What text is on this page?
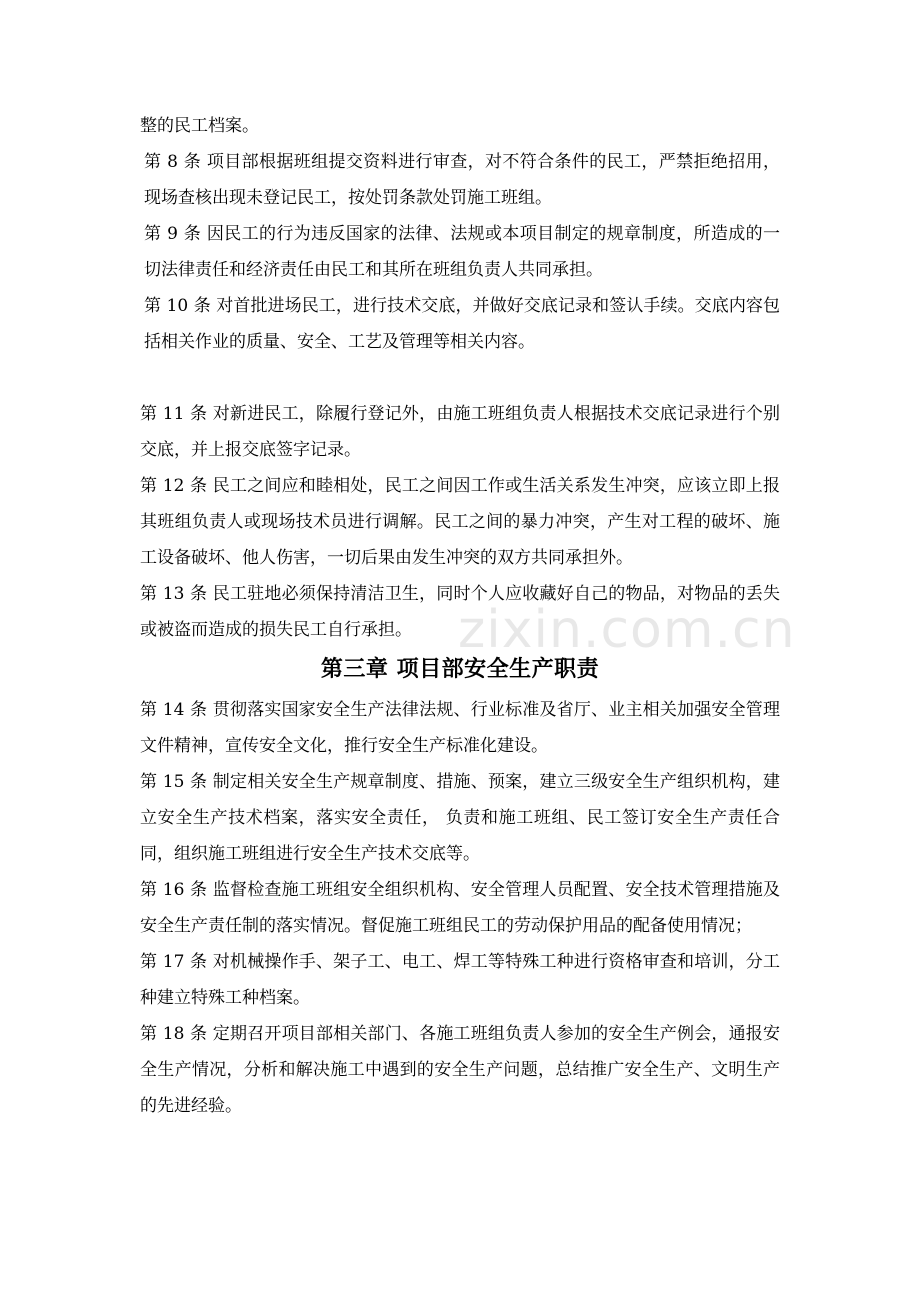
整的民工档案。

第 8 条 项目部根据班组提交资料进行审查，对不符合条件的民工，严禁拒绝招用，现场查核出现未登记民工，按处罚条款处罚施工班组。

第 9 条 因民工的行为违反国家的法律、法规或本项目制定的规章制度，所造成的一切法律责任和经济责任由民工和其所在班组负责人共同承担。

第 10 条 对首批进场民工，进行技术交底，并做好交底记录和签认手续。交底内容包括相关作业的质量、安全、工艺及管理等相关内容。

第 11 条 对新进民工，除履行登记外，由施工班组负责人根据技术交底记录进行个别交底，并上报交底签字记录。

第 12 条 民工之间应和睦相处，民工之间因工作或生活关系发生冲突，应该立即上报其班组负责人或现场技术员进行调解。民工之间的暴力冲突，产生对工程的破坏、施工设备破坏、他人伤害，一切后果由发生冲突的双方共同承担外。

第 13 条 民工驻地必须保持清洁卫生，同时个人应收藏好自己的物品，对物品的丢失或被盗而造成的损失民工自行承担。

第三章 项目部安全生产职责

第 14 条 贯彻落实国家安全生产法律法规、行业标准及省厅、业主相关加强安全管理文件精神，宣传安全文化，推行安全生产标准化建设。

第 15 条 制定相关安全生产规章制度、措施、预案，建立三级安全生产组织机构，建立安全生产技术档案，落实安全责任， 负责和施工班组、民工签订安全生产责任合同，组织施工班组进行安全生产技术交底等。

第 16 条 监督检查施工班组安全组织机构、安全管理人员配置、安全技术管理措施及安全生产责任制的落实情况。督促施工班组民工的劳动保护用品的配备使用情况；

第 17 条 对机械操作手、架子工、电工、焊工等特殊工种进行资格审查和培训，分工种建立特殊工种档案。

第 18 条 定期召开项目部相关部门、各施工班组负责人参加的安全生产例会，通报安全生产情况，分析和解决施工中遇到的安全生产问题，总结推广安全生产、文明生产的先进经验。

zixin.com.cn
